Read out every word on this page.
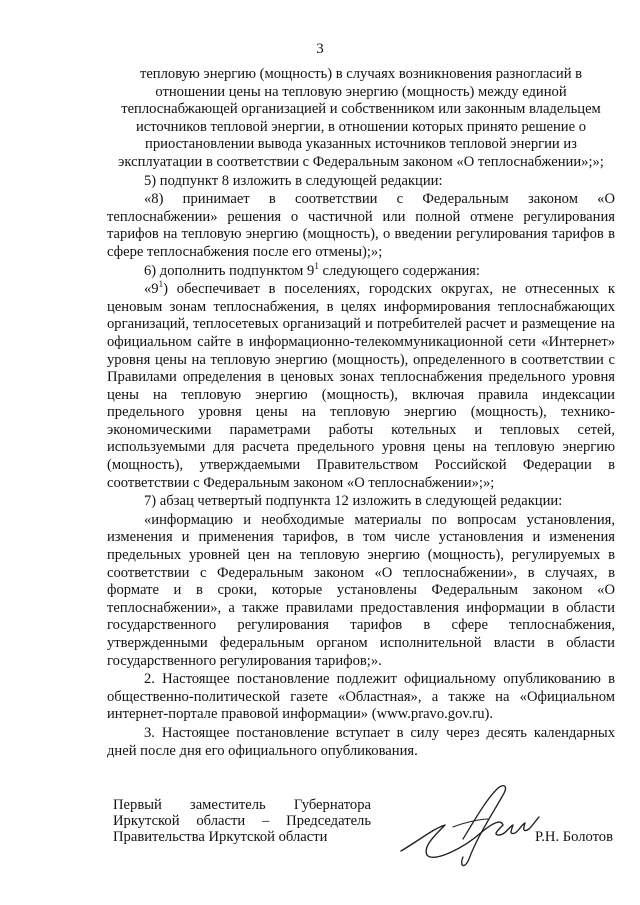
3

тепловую энергию (мощность) в случаях возникновения разногласий в отношении цены на тепловую энергию (мощность) между единой теплоснабжающей организацией и собственником или законным владельцем источников тепловой энергии, в отношении которых принято решение о приостановлении вывода указанных источников тепловой энергии из эксплуатации в соответствии с Федеральным законом «О теплоснабжении»;»;

5) подпункт 8 изложить в следующей редакции:

«8) принимает в соответствии с Федеральным законом «О теплоснабжении» решения о частичной или полной отмене регулирования тарифов на тепловую энергию (мощность), о введении регулирования тарифов в сфере теплоснабжения после его отмены);»;

6) дополнить подпунктом $9^1$ следующего содержания:

«$9^1$) обеспечивает в поселениях, городских округах, не отнесенных к ценовым зонам теплоснабжения, в целях информирования теплоснабжающих организаций, теплосетевых организаций и потребителей расчет и размещение на официальном сайте в информационно-телекоммуникационной сети «Интернет» уровня цены на тепловую энергию (мощность), определенного в соответствии с Правилами определения в ценовых зонах теплоснабжения предельного уровня цены на тепловую энергию (мощность), включая правила индексации предельного уровня цены на тепловую энергию (мощность), технико-экономическими параметрами работы котельных и тепловых сетей, используемыми для расчета предельного уровня цены на тепловую энергию (мощность), утверждаемыми Правительством Российской Федерации в соответствии с Федеральным законом «О теплоснабжении»;»;

7) абзац четвертый подпункта 12 изложить в следующей редакции:

«информацию и необходимые материалы по вопросам установления, изменения и применения тарифов, в том числе установления и изменения предельных уровней цен на тепловую энергию (мощность), регулируемых в соответствии с Федеральным законом «О теплоснабжении», в случаях, в формате и в сроки, которые установлены Федеральным законом «О теплоснабжении», а также правилами предоставления информации в области государственного регулирования тарифов в сфере теплоснабжения, утвержденными федеральным органом исполнительной власти в области государственного регулирования тарифов;».

2. Настоящее постановление подлежит официальному опубликованию в общественно-политической газете «Областная», а также на «Официальном интернет-портале правовой информации» (www.pravo.gov.ru).

3. Настоящее постановление вступает в силу через десять календарных дней после дня его официального опубликования.

Первый заместитель Губернатора
Иркутской области – Председатель
Правительства Иркутской области	Р.Н. Болотов
